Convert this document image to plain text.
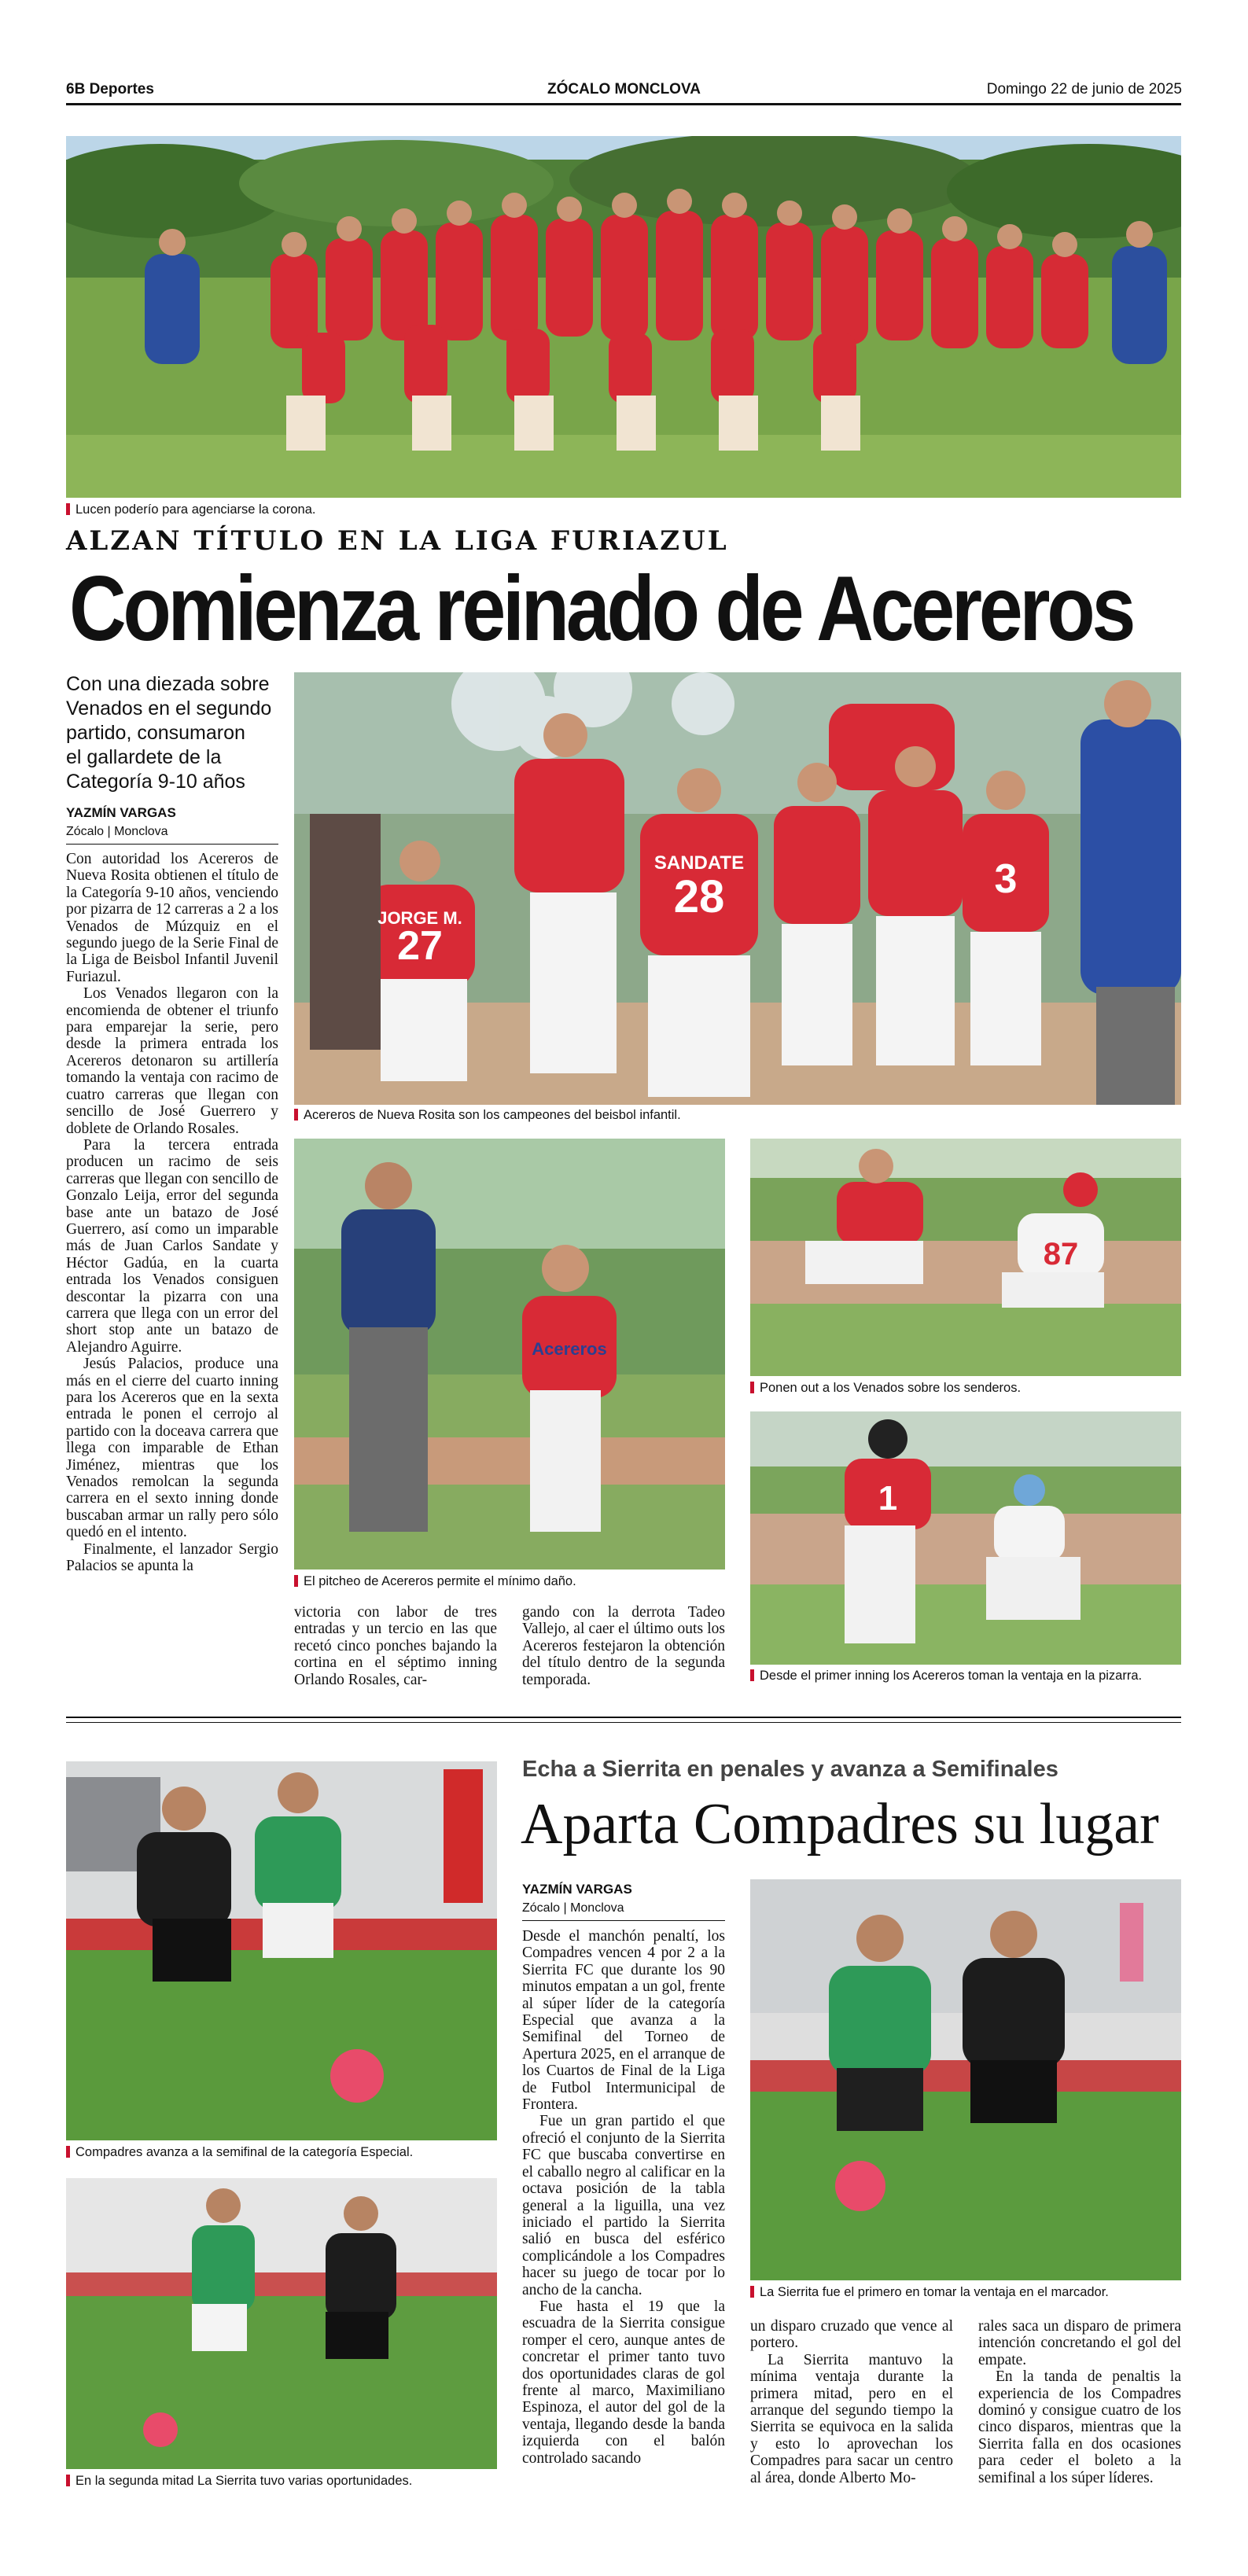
6B Deportes	ZÓCALO MONCLOVA	Domingo 22 de junio de 2025
Lucen poderío para agenciarse la corona.
ALZAN TÍTULO EN LA LIGA FURIAZUL
Comienza reinado de Acereros
Con una diezada sobre
Venados en el segundo
partido, consumaron
el gallardete de la
Categoría 9-10 años
YAZMÍN VARGAS
Zócalo | Monclova

Con autoridad los Acereros de Nueva Rosita obtienen el título de la Categoría 9-10 años, venciendo por pizarra de 12 carreras a 2 a los Venados de Múzquiz en el segundo juego de la Serie Final de la Liga de Beisbol Infantil Juvenil Furiazul.

Los Venados llegaron con la encomienda de obtener el triunfo para emparejar la serie, pero desde la primera entrada los Acereros detonaron su artillería tomando la ventaja con racimo de cuatro carreras que llegan con sencillo de José Guerrero y doblete de Orlando Rosales.

Para la tercera entrada producen un racimo de seis carreras que llegan con sencillo de Gonzalo Leija, error del segunda base ante un batazo de José Guerrero, así como un imparable más de Juan Carlos Sandate y Héctor Gadúa, en la cuarta entrada los Venados consiguen descontar la pizarra con una carrera que llega con un error del short stop ante un batazo de Alejandro Aguirre.

Jesús Palacios, produce una más en el cierre del cuarto inning para los Acereros que en la sexta entrada le ponen el cerrojo al partido con la doceava carrera que llega con imparable de Ethan Jiménez, mientras que los Venados remolcan la segunda carrera en el sexto inning donde buscaban armar un rally pero sólo quedó en el intento.

Finalmente, el lanzador Sergio Palacios se apunta la

JORGE M.
27
SANDATE
28	3
Acereros de Nueva Rosita son los campeones del beisbol infantil.
Acereros
El pitcheo de Acereros permite el mínimo daño.
87
Ponen out a los Venados sobre los senderos.
1
Desde el primer inning los Acereros toman la ventaja en la pizarra.

victoria con labor de tres entradas y un tercio en las que recetó cinco ponches bajando la cortina en el séptimo inning Orlando Rosales, car-

gando con la derrota Tadeo Vallejo, al caer el último outs los Acereros festejaron la obtención del título dentro de la segunda temporada.

Compadres avanza a la semifinal de la categoría Especial.
En la segunda mitad La Sierrita tuvo varias oportunidades.
Echa a Sierrita en penales y avanza a Semifinales
Aparta Compadres su lugar
YAZMÍN VARGAS
Zócalo | Monclova

Desde el manchón penaltí, los Compadres vencen 4 por 2 a la Sierrita FC que durante los 90 minutos empatan a un gol, frente al súper líder de la categoría Especial que avanza a la Semifinal del Torneo de Apertura 2025, en el arranque de los Cuartos de Final de la Liga de Futbol Intermunicipal de Frontera.

Fue un gran partido el que ofreció el conjunto de la Sierrita FC que buscaba convertirse en el caballo negro al calificar en la octava posición de la tabla general a la liguilla, una vez iniciado el partido la Sierrita salió en busca del esférico complicándole a los Compadres hacer su juego de tocar por lo ancho de la cancha.

Fue hasta el 19 que la escuadra de la Sierrita consigue romper el cero, aunque antes de concretar el primer tanto tuvo dos oportunidades claras de gol frente al marco, Maximiliano Espinoza, el autor del gol de la ventaja, llegando desde la banda izquierda con el balón controlado sacando

La Sierrita fue el primero en tomar la ventaja en el marcador.

un disparo cruzado que vence al portero.

La Sierrita mantuvo la mínima ventaja durante la primera mitad, pero en el arranque del segundo tiempo la Sierrita se equivoca en la salida y esto lo aprovechan los Compadres para sacar un centro al área, donde Alberto Mo-

rales saca un disparo de primera intención concretando el gol del empate.

En la tanda de penaltis la experiencia de los Compadres dominó y consigue cuatro de los cinco disparos, mientras que la Sierrita falla en dos ocasiones para ceder el boleto a la semifinal a los súper líderes.
